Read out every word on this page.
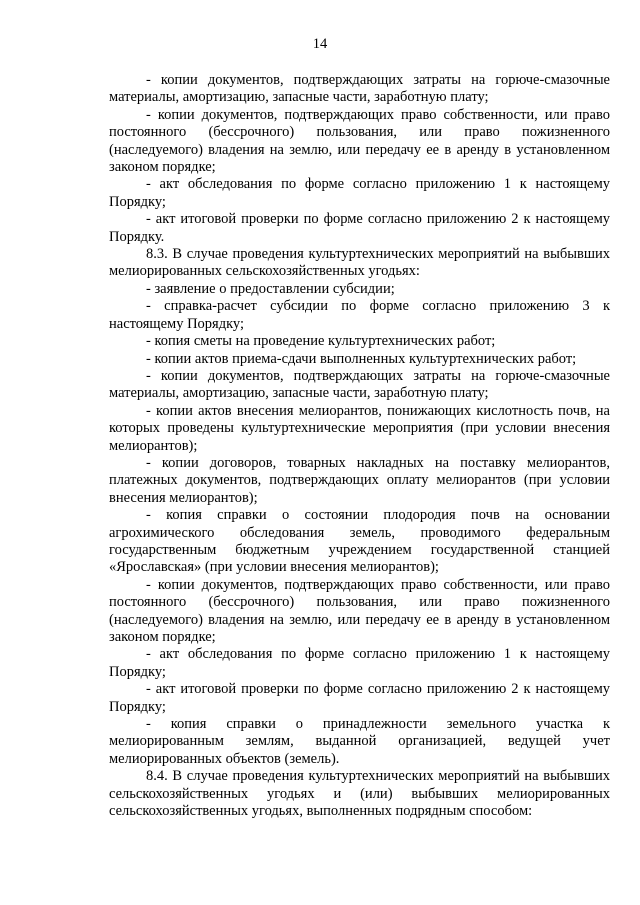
14

- копии документов, подтверждающих затраты на горюче-смазочные материалы, амортизацию, запасные части, заработную плату;

- копии документов, подтверждающих право собственности, или право постоянного (бессрочного) пользования, или право пожизненного (наследуемого) владения на землю, или передачу ее в аренду в установленном законом порядке;

- акт обследования по форме согласно приложению 1 к настоящему Порядку;

- акт итоговой проверки по форме согласно приложению 2 к настоящему Порядку.

8.3. В случае проведения культуртехнических мероприятий на выбывших мелиорированных сельскохозяйственных угодьях:

- заявление о предоставлении субсидии;

- справка-расчет субсидии по форме согласно приложению 3 к настоящему Порядку;

- копия сметы на проведение культуртехнических работ;

- копии актов приема-сдачи выполненных культуртехнических работ;

- копии документов, подтверждающих затраты на горюче-смазочные материалы, амортизацию, запасные части, заработную плату;

- копии актов внесения мелиорантов, понижающих кислотность почв, на которых проведены культуртехнические мероприятия (при условии внесения мелиорантов);

- копии договоров, товарных накладных на поставку мелиорантов, платежных документов, подтверждающих оплату мелиорантов (при условии внесения мелиорантов);

- копия справки о состоянии плодородия почв на основании агрохимического обследования земель, проводимого федеральным государственным бюджетным учреждением государственной станцией «Ярославская» (при условии внесения мелиорантов);

- копии документов, подтверждающих право собственности, или право постоянного (бессрочного) пользования, или право пожизненного (наследуемого) владения на землю, или передачу ее в аренду в установленном законом порядке;

- акт обследования по форме согласно приложению 1 к настоящему Порядку;

- акт итоговой проверки по форме согласно приложению 2 к настоящему Порядку;

- копия справки о принадлежности земельного участка к мелиорированным землям, выданной организацией, ведущей учет мелиорированных объектов (земель).

8.4. В случае проведения культуртехнических мероприятий на выбывших сельскохозяйственных угодьях и (или) выбывших мелиорированных сельскохозяйственных угодьях, выполненных подрядным способом:
